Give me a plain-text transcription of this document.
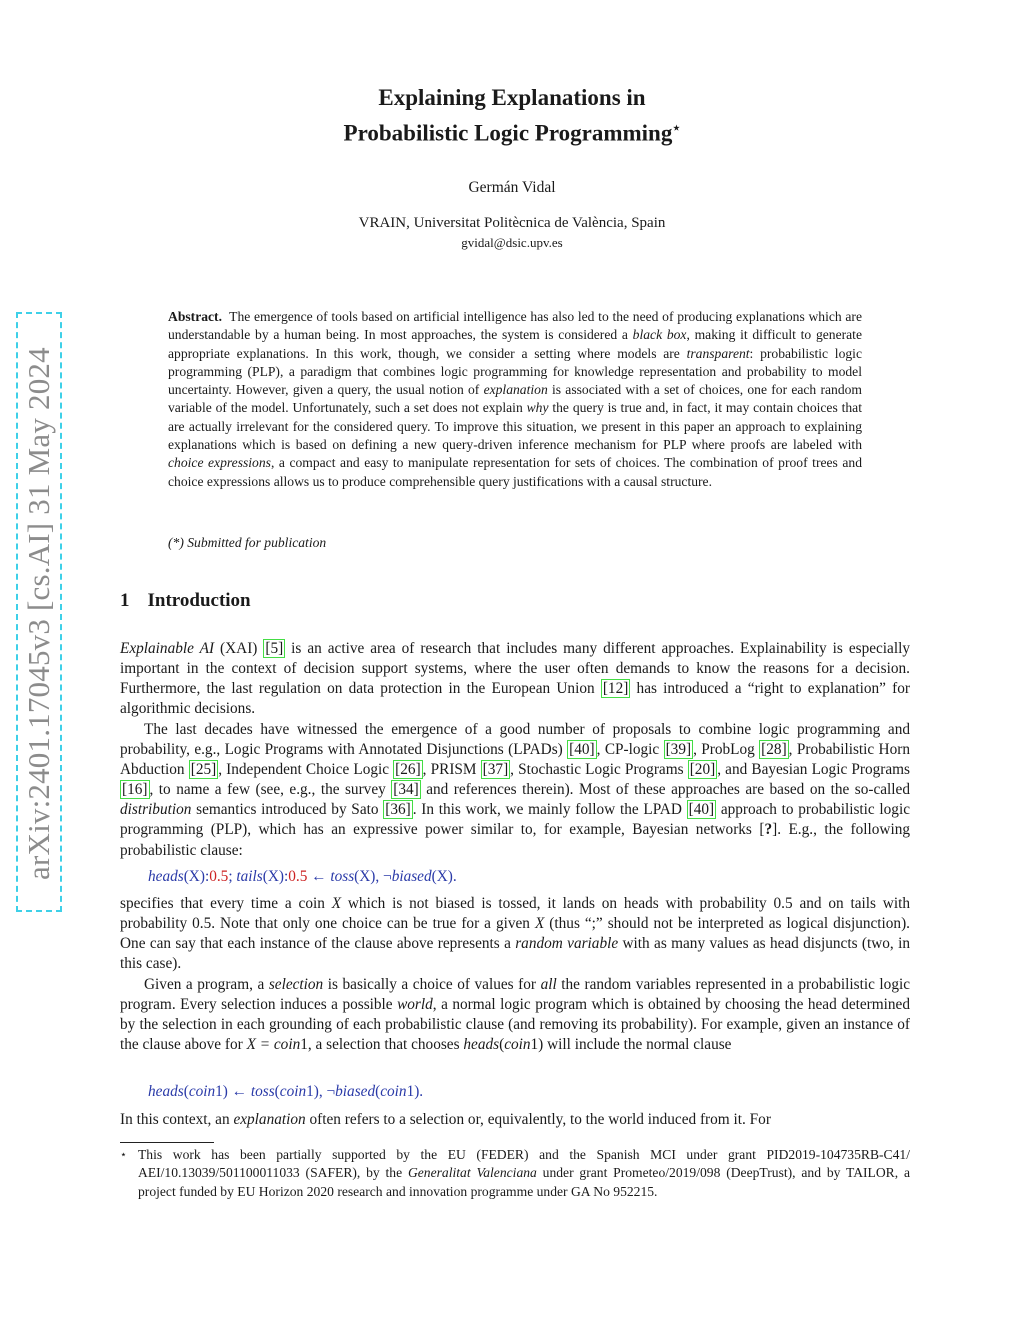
arXiv:2401.17045v3 [cs.AI] 31 May 2024
Explaining Explanations in
Probabilistic Logic Programming⋆
Germán Vidal
VRAIN, Universitat Politècnica de València, Spain
gvidal@dsic.upv.es
Abstract. The emergence of tools based on artificial intelligence has also led to the need of producing explanations which are understandable by a human being. In most approaches, the system is considered a black box, making it difficult to generate appropriate explanations. In this work, though, we consider a setting where models are transparent: probabilistic logic programming (PLP), a paradigm that combines logic programming for knowledge representation and probability to model uncertainty. However, given a query, the usual notion of explanation is associated with a set of choices, one for each random variable of the model. Unfortunately, such a set does not explain why the query is true and, in fact, it may contain choices that are actually irrelevant for the considered query. To improve this situation, we present in this paper an approach to explaining explanations which is based on defining a new query-driven inference mechanism for PLP where proofs are labeled with choice expressions, a compact and easy to manipulate representation for sets of choices. The combination of proof trees and choice expressions allows us to produce comprehensible query justifications with a causal structure.
(*) Submitted for publication
1 Introduction
Explainable AI (XAI) [5] is an active area of research that includes many different approaches. Explainability is especially important in the context of decision support systems, where the user often demands to know the reasons for a decision. Furthermore, the last regulation on data protection in the European Union [12] has introduced a “right to explanation” for algorithmic decisions.
The last decades have witnessed the emergence of a good number of proposals to combine logic programming and probability, e.g., Logic Programs with Annotated Disjunctions (LPADs) [40] , CP-logic [39] , ProbLog [28] , Probabilistic Horn Abduction [25] , Independent Choice Logic [26] , PRISM [37] , Stochastic Logic Programs [20] , and Bayesian Logic Programs [16] , to name a few (see, e.g., the survey [34] and references therein). Most of these approaches are based on the so-called distribution semantics introduced by Sato [36] . In this work, we mainly follow the LPAD [40] approach to probabilistic logic programming (PLP), which has an expressive power similar to, for example, Bayesian networks [?]. E.g., the following probabilistic clause:
heads(X):0.5; tails(X):0.5 ← toss(X), ¬biased(X).
specifies that every time a coin X which is not biased is tossed, it lands on heads with probability 0.5 and on tails with probability 0.5. Note that only one choice can be true for a given X (thus “;” should not be interpreted as logical disjunction). One can say that each instance of the clause above represents a random variable with as many values as head disjuncts (two, in this case).
Given a program, a selection is basically a choice of values for all the random variables represented in a probabilistic logic program. Every selection induces a possible world, a normal logic program which is obtained by choosing the head determined by the selection in each grounding of each probabilistic clause (and removing its probability). For example, given an instance of the clause above for X = coin1, a selection that chooses heads(coin1) will include the normal clause
heads(coin1) ← toss(coin1), ¬biased(coin1).
In this context, an explanation often refers to a selection or, equivalently, to the world induced from it. For
⋆ This work has been partially supported by the EU (FEDER) and the Spanish MCI under grant PID2019-104735RB-C41/ AEI/10.13039/501100011033 (SAFER), by the Generalitat Valenciana under grant Prometeo/2019/098 (DeepTrust), and by TAILOR, a project funded by EU Horizon 2020 research and innovation programme under GA No 952215.
